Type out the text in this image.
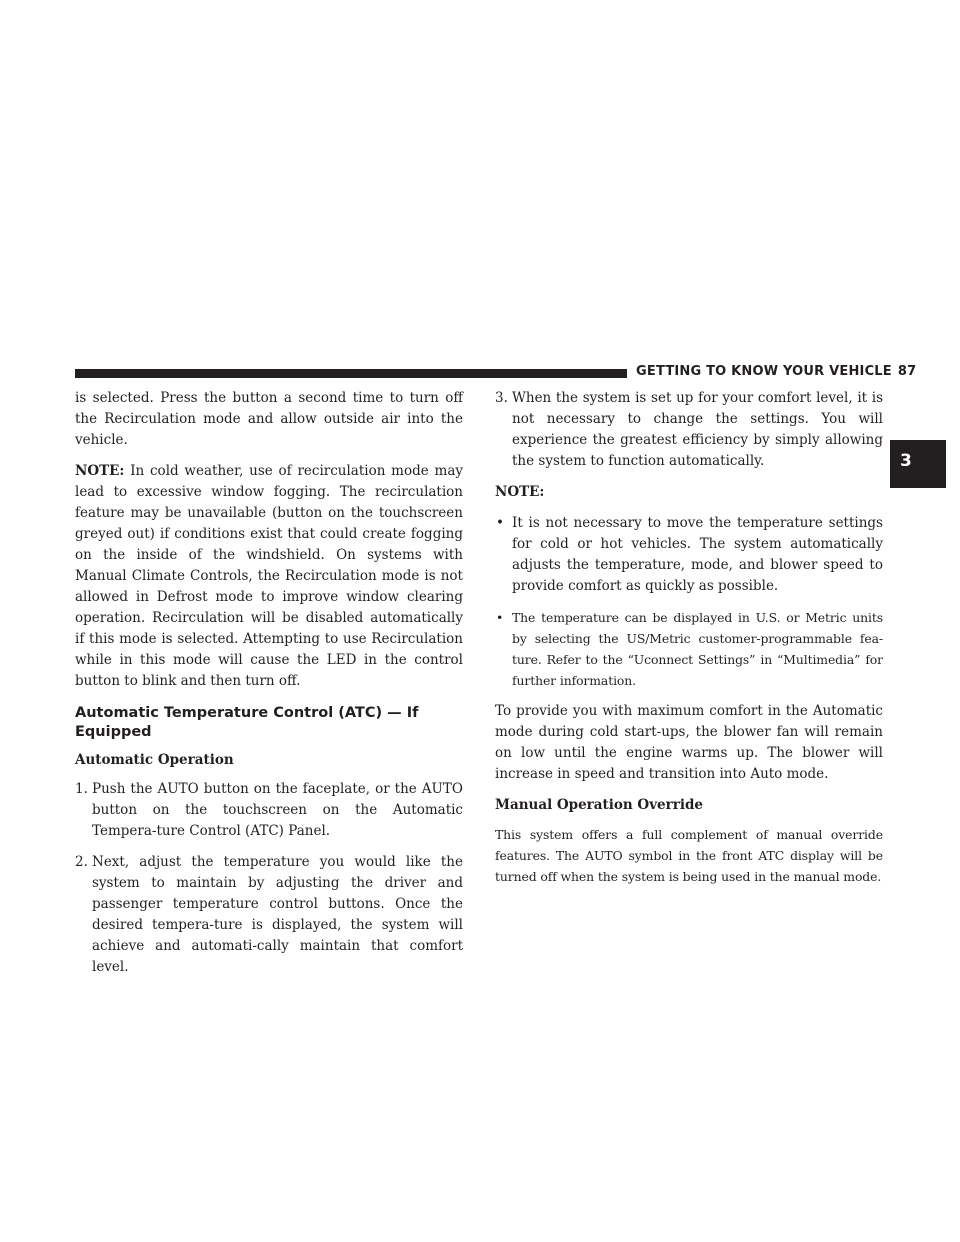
GETTING TO KNOW YOUR VEHICLE 87
3

is selected. Press the button a second time to turn off the Recirculation mode and allow outside air into the vehicle.

NOTE: In cold weather, use of recirculation mode may lead to excessive window fogging. The recirculation feature may be unavailable (button on the touchscreen greyed out) if conditions exist that could create fogging on the inside of the windshield. On systems with Manual Climate Controls, the Recirculation mode is not allowed in Defrost mode to improve window clearing operation. Recirculation will be disabled automatically if this mode is selected. Attempting to use Recirculation while in this mode will cause the LED in the control button to blink and then turn off.

Automatic Temperature Control (ATC) — If Equipped
Automatic Operation
1. Push the AUTO button on the faceplate, or the AUTO button on the touchscreen on the Automatic Tempera-ture Control (ATC) Panel.
2. Next, adjust the temperature you would like the system to maintain by adjusting the driver and passenger temperature control buttons. Once the desired tempera-ture is displayed, the system will achieve and automati-cally maintain that comfort level.
3. When the system is set up for your comfort level, it is not necessary to change the settings. You will experience the greatest efficiency by simply allowing the system to function automatically.

NOTE:

• It is not necessary to move the temperature settings for cold or hot vehicles. The system automatically adjusts the temperature, mode, and blower speed to provide comfort as quickly as possible.
• The temperature can be displayed in U.S. or Metric units by selecting the US/Metric customer-programmable fea-ture. Refer to the “Uconnect Settings” in “Multimedia” for further information.

To provide you with maximum comfort in the Automatic mode during cold start-ups, the blower fan will remain on low until the engine warms up. The blower will increase in speed and transition into Auto mode.

Manual Operation Override

This system offers a full complement of manual override features. The AUTO symbol in the front ATC display will be turned off when the system is being used in the manual mode.
